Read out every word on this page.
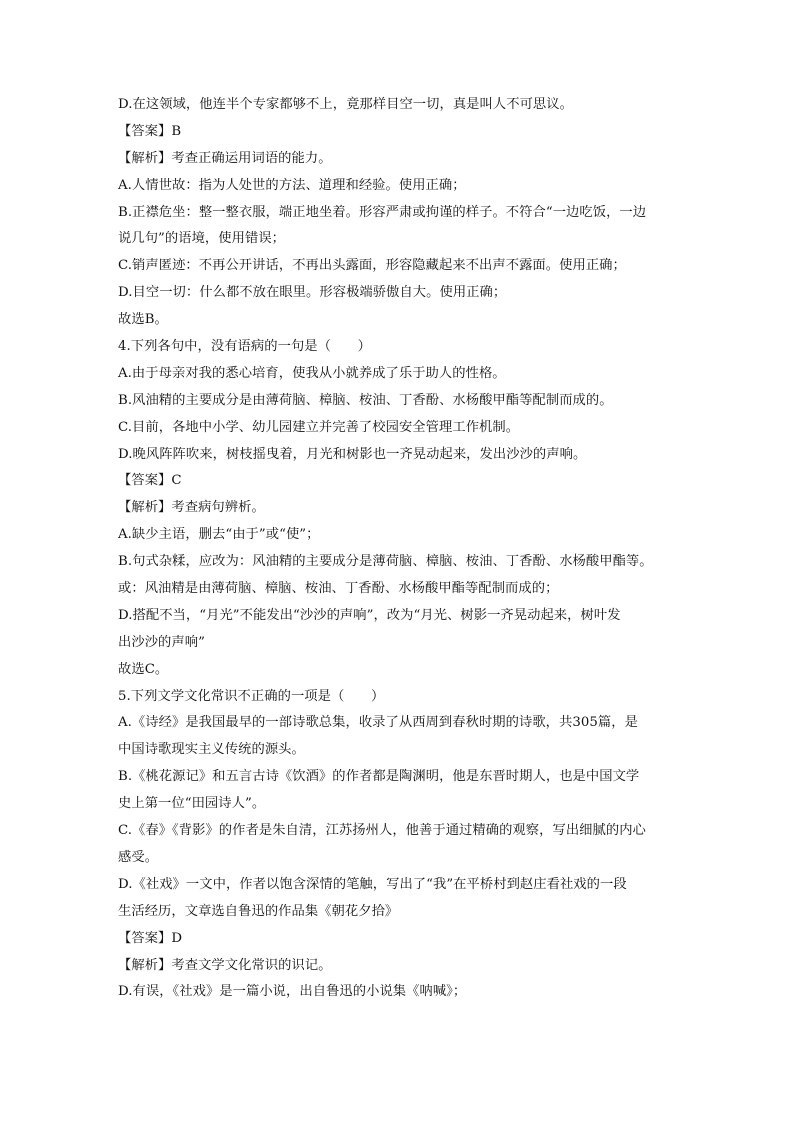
D.在这领域，他连半个专家都够不上，竟那样目空一切，真是叫人不可思议。
【答案】B
【解析】考查正确运用词语的能力。
A.人情世故：指为人处世的方法、道理和经验。使用正确；
B.正襟危坐：整一整衣服，端正地坐着。形容严肃或拘谨的样子。不符合“一边吃饭，一边
说几句”的语境，使用错误；
C.销声匿迹：不再公开讲话，不再出头露面，形容隐藏起来不出声不露面。使用正确；
D.目空一切：什么都不放在眼里。形容极端骄傲自大。使用正确；
故选B。
4.下列各句中，没有语病的一句是（　　）
A.由于母亲对我的悉心培育，使我从小就养成了乐于助人的性格。
B.风油精的主要成分是由薄荷脑、樟脑、桉油、丁香酚、水杨酸甲酯等配制而成的。
C.目前，各地中小学、幼儿园建立并完善了校园安全管理工作机制。
D.晚风阵阵吹来，树枝摇曳着，月光和树影也一齐晃动起来，发出沙沙的声响。
【答案】C
【解析】考查病句辨析。
A.缺少主语，删去“由于”或“使”；
B.句式杂糅，应改为：风油精的主要成分是薄荷脑、樟脑、桉油、丁香酚、水杨酸甲酯等。
或：风油精是由薄荷脑、樟脑、桉油、丁香酚、水杨酸甲酯等配制而成的；
D.搭配不当，“月光”不能发出“沙沙的声响”，改为“月光、树影一齐晃动起来，树叶发
出沙沙的声响”
故选C。
5.下列文学文化常识不正确的一项是（　　）
A.《诗经》是我国最早的一部诗歌总集，收录了从西周到春秋时期的诗歌，共305篇，是
中国诗歌现实主义传统的源头。
B.《桃花源记》和五言古诗《饮酒》的作者都是陶渊明，他是东晋时期人，也是中国文学
史上第一位“田园诗人”。
C.《春》《背影》的作者是朱自清，江苏扬州人，他善于通过精确的观察，写出细腻的内心
感受。
D.《社戏》一文中，作者以饱含深情的笔触，写出了“我”在平桥村到赵庄看社戏的一段
生活经历，文章选自鲁迅的作品集《朝花夕拾》
【答案】D
【解析】考查文学文化常识的识记。
D.有误，《社戏》是一篇小说，出自鲁迅的小说集《呐喊》；
